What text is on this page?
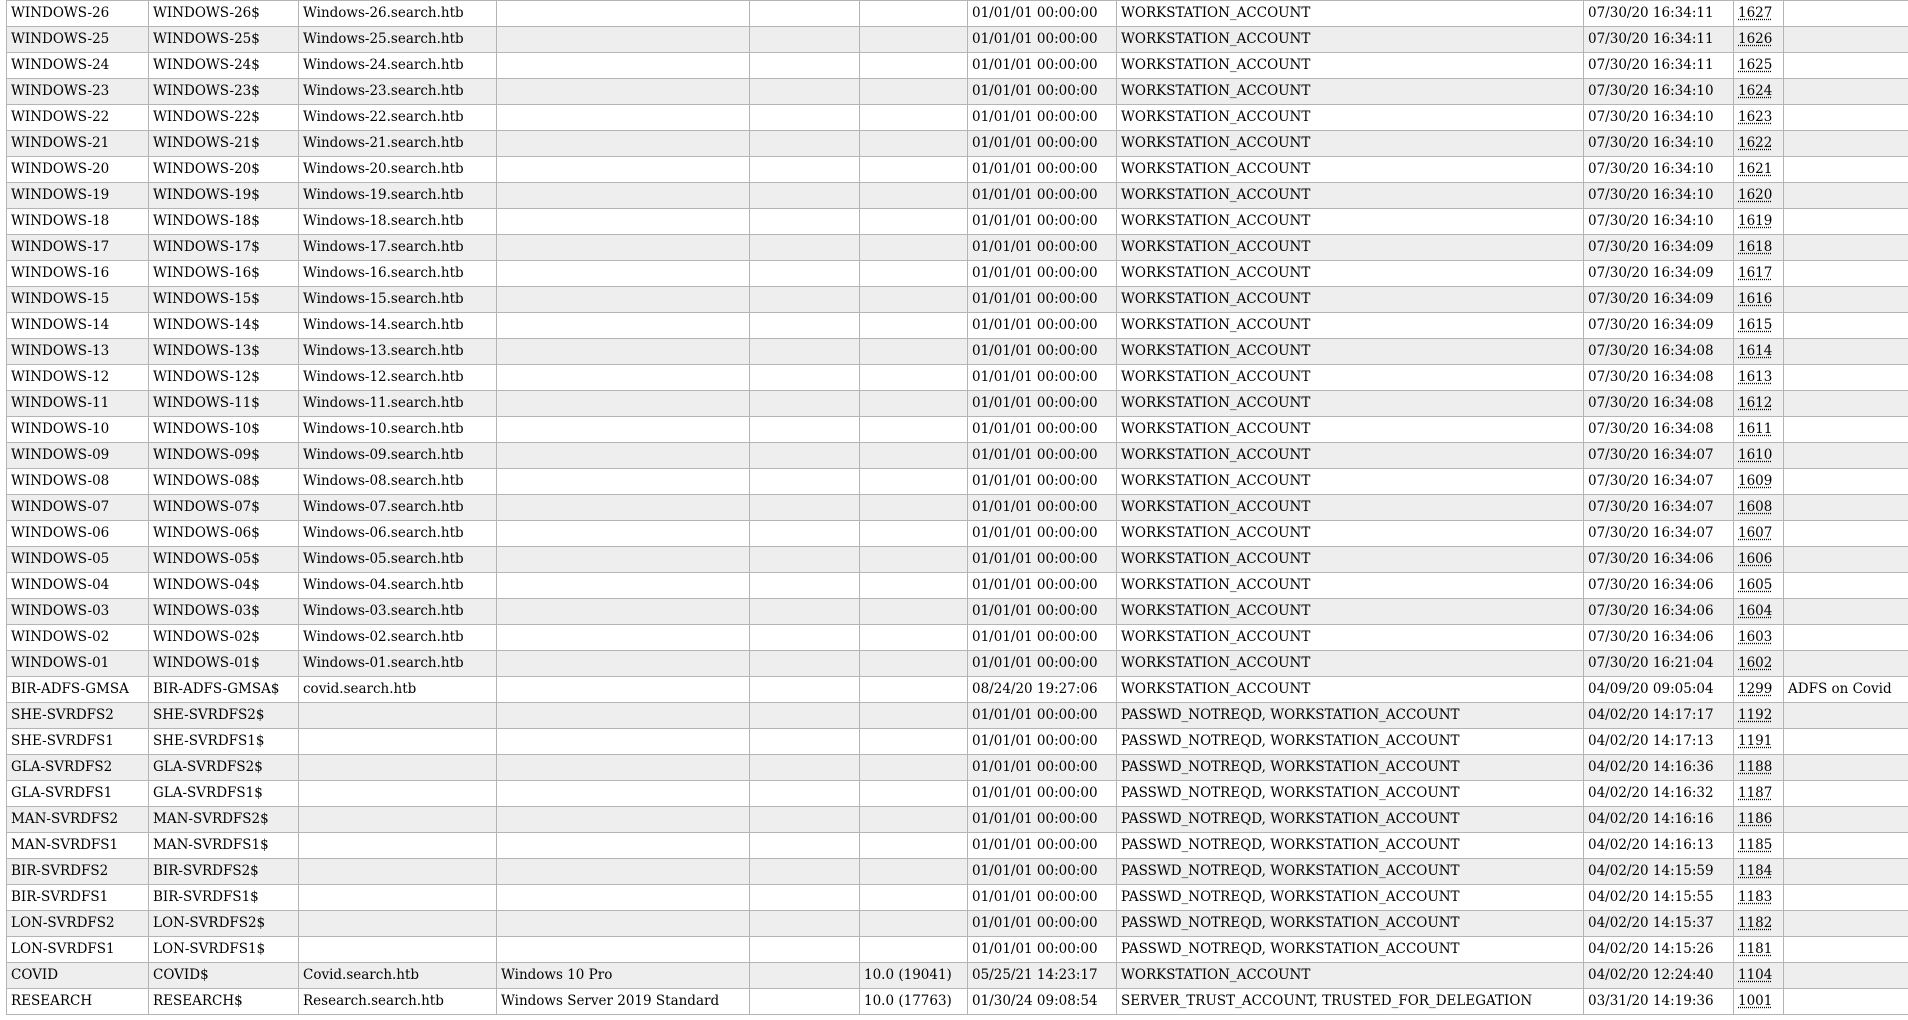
WINDOWS-26	WINDOWS-26$	Windows-26.search.htb				01/01/01 00:00:00	WORKSTATION_ACCOUNT	07/30/20 16:34:11	1627	
WINDOWS-25	WINDOWS-25$	Windows-25.search.htb				01/01/01 00:00:00	WORKSTATION_ACCOUNT	07/30/20 16:34:11	1626	
WINDOWS-24	WINDOWS-24$	Windows-24.search.htb				01/01/01 00:00:00	WORKSTATION_ACCOUNT	07/30/20 16:34:11	1625	
WINDOWS-23	WINDOWS-23$	Windows-23.search.htb				01/01/01 00:00:00	WORKSTATION_ACCOUNT	07/30/20 16:34:10	1624	
WINDOWS-22	WINDOWS-22$	Windows-22.search.htb				01/01/01 00:00:00	WORKSTATION_ACCOUNT	07/30/20 16:34:10	1623	
WINDOWS-21	WINDOWS-21$	Windows-21.search.htb				01/01/01 00:00:00	WORKSTATION_ACCOUNT	07/30/20 16:34:10	1622	
WINDOWS-20	WINDOWS-20$	Windows-20.search.htb				01/01/01 00:00:00	WORKSTATION_ACCOUNT	07/30/20 16:34:10	1621	
WINDOWS-19	WINDOWS-19$	Windows-19.search.htb				01/01/01 00:00:00	WORKSTATION_ACCOUNT	07/30/20 16:34:10	1620	
WINDOWS-18	WINDOWS-18$	Windows-18.search.htb				01/01/01 00:00:00	WORKSTATION_ACCOUNT	07/30/20 16:34:10	1619	
WINDOWS-17	WINDOWS-17$	Windows-17.search.htb				01/01/01 00:00:00	WORKSTATION_ACCOUNT	07/30/20 16:34:09	1618	
WINDOWS-16	WINDOWS-16$	Windows-16.search.htb				01/01/01 00:00:00	WORKSTATION_ACCOUNT	07/30/20 16:34:09	1617	
WINDOWS-15	WINDOWS-15$	Windows-15.search.htb				01/01/01 00:00:00	WORKSTATION_ACCOUNT	07/30/20 16:34:09	1616	
WINDOWS-14	WINDOWS-14$	Windows-14.search.htb				01/01/01 00:00:00	WORKSTATION_ACCOUNT	07/30/20 16:34:09	1615	
WINDOWS-13	WINDOWS-13$	Windows-13.search.htb				01/01/01 00:00:00	WORKSTATION_ACCOUNT	07/30/20 16:34:08	1614	
WINDOWS-12	WINDOWS-12$	Windows-12.search.htb				01/01/01 00:00:00	WORKSTATION_ACCOUNT	07/30/20 16:34:08	1613	
WINDOWS-11	WINDOWS-11$	Windows-11.search.htb				01/01/01 00:00:00	WORKSTATION_ACCOUNT	07/30/20 16:34:08	1612	
WINDOWS-10	WINDOWS-10$	Windows-10.search.htb				01/01/01 00:00:00	WORKSTATION_ACCOUNT	07/30/20 16:34:08	1611	
WINDOWS-09	WINDOWS-09$	Windows-09.search.htb				01/01/01 00:00:00	WORKSTATION_ACCOUNT	07/30/20 16:34:07	1610	
WINDOWS-08	WINDOWS-08$	Windows-08.search.htb				01/01/01 00:00:00	WORKSTATION_ACCOUNT	07/30/20 16:34:07	1609	
WINDOWS-07	WINDOWS-07$	Windows-07.search.htb				01/01/01 00:00:00	WORKSTATION_ACCOUNT	07/30/20 16:34:07	1608	
WINDOWS-06	WINDOWS-06$	Windows-06.search.htb				01/01/01 00:00:00	WORKSTATION_ACCOUNT	07/30/20 16:34:07	1607	
WINDOWS-05	WINDOWS-05$	Windows-05.search.htb				01/01/01 00:00:00	WORKSTATION_ACCOUNT	07/30/20 16:34:06	1606	
WINDOWS-04	WINDOWS-04$	Windows-04.search.htb				01/01/01 00:00:00	WORKSTATION_ACCOUNT	07/30/20 16:34:06	1605	
WINDOWS-03	WINDOWS-03$	Windows-03.search.htb				01/01/01 00:00:00	WORKSTATION_ACCOUNT	07/30/20 16:34:06	1604	
WINDOWS-02	WINDOWS-02$	Windows-02.search.htb				01/01/01 00:00:00	WORKSTATION_ACCOUNT	07/30/20 16:34:06	1603	
WINDOWS-01	WINDOWS-01$	Windows-01.search.htb				01/01/01 00:00:00	WORKSTATION_ACCOUNT	07/30/20 16:21:04	1602	
BIR-ADFS-GMSA	BIR-ADFS-GMSA$	covid.search.htb				08/24/20 19:27:06	WORKSTATION_ACCOUNT	04/09/20 09:05:04	1299	ADFS on Covid
SHE-SVRDFS2	SHE-SVRDFS2$					01/01/01 00:00:00	PASSWD_NOTREQD, WORKSTATION_ACCOUNT	04/02/20 14:17:17	1192	
SHE-SVRDFS1	SHE-SVRDFS1$					01/01/01 00:00:00	PASSWD_NOTREQD, WORKSTATION_ACCOUNT	04/02/20 14:17:13	1191	
GLA-SVRDFS2	GLA-SVRDFS2$					01/01/01 00:00:00	PASSWD_NOTREQD, WORKSTATION_ACCOUNT	04/02/20 14:16:36	1188	
GLA-SVRDFS1	GLA-SVRDFS1$					01/01/01 00:00:00	PASSWD_NOTREQD, WORKSTATION_ACCOUNT	04/02/20 14:16:32	1187	
MAN-SVRDFS2	MAN-SVRDFS2$					01/01/01 00:00:00	PASSWD_NOTREQD, WORKSTATION_ACCOUNT	04/02/20 14:16:16	1186	
MAN-SVRDFS1	MAN-SVRDFS1$					01/01/01 00:00:00	PASSWD_NOTREQD, WORKSTATION_ACCOUNT	04/02/20 14:16:13	1185	
BIR-SVRDFS2	BIR-SVRDFS2$					01/01/01 00:00:00	PASSWD_NOTREQD, WORKSTATION_ACCOUNT	04/02/20 14:15:59	1184	
BIR-SVRDFS1	BIR-SVRDFS1$					01/01/01 00:00:00	PASSWD_NOTREQD, WORKSTATION_ACCOUNT	04/02/20 14:15:55	1183	
LON-SVRDFS2	LON-SVRDFS2$					01/01/01 00:00:00	PASSWD_NOTREQD, WORKSTATION_ACCOUNT	04/02/20 14:15:37	1182	
LON-SVRDFS1	LON-SVRDFS1$					01/01/01 00:00:00	PASSWD_NOTREQD, WORKSTATION_ACCOUNT	04/02/20 14:15:26	1181	
COVID	COVID$	Covid.search.htb	Windows 10 Pro		10.0 (19041)	05/25/21 14:23:17	WORKSTATION_ACCOUNT	04/02/20 12:24:40	1104	
RESEARCH	RESEARCH$	Research.search.htb	Windows Server 2019 Standard		10.0 (17763)	01/30/24 09:08:54	SERVER_TRUST_ACCOUNT, TRUSTED_FOR_DELEGATION	03/31/20 14:19:36	1001	
